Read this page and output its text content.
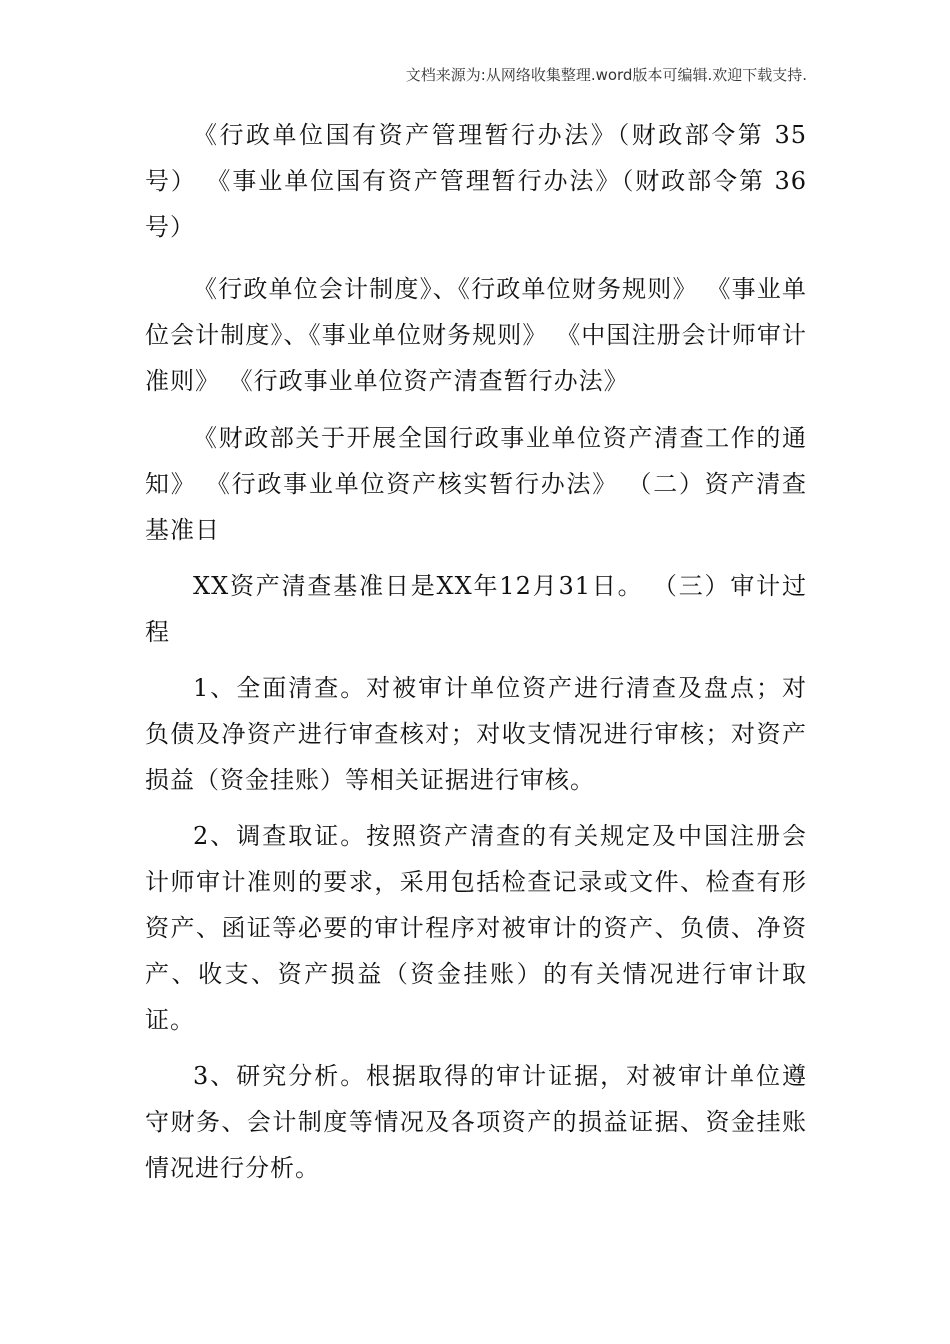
文档来源为:从网络收集整理.word版本可编辑.欢迎下载支持.

《行政单位国有资产管理暂行办法》（财政部令第 35 号） 《事业单位国有资产管理暂行办法》（财政部令第 36 号）

《行政单位会计制度》、《行政单位财务规则》 《事业单位会计制度》、《事业单位财务规则》 《中国注册会计师审计准则》 《行政事业单位资产清查暂行办法》

《财政部关于开展全国行政事业单位资产清查工作的通知》 《行政事业单位资产核实暂行办法》 （二）资产清查基准日

XX资产清查基准日是XX年12月31日。 （三）审计过程

1、全面清查。对被审计单位资产进行清查及盘点；对负债及净资产进行审查核对；对收支情况进行审核；对资产损益（资金挂账）等相关证据进行审核。

2、调查取证。按照资产清查的有关规定及中国注册会计师审计准则的要求，采用包括检查记录或文件、检查有形资产、函证等必要的审计程序对被审计的资产、负债、净资产、收支、资产损益（资金挂账）的有关情况进行审计取证。

3、研究分析。根据取得的审计证据，对被审计单位遵守财务、会计制度等情况及各项资产的损益证据、资金挂账情况进行分析。
